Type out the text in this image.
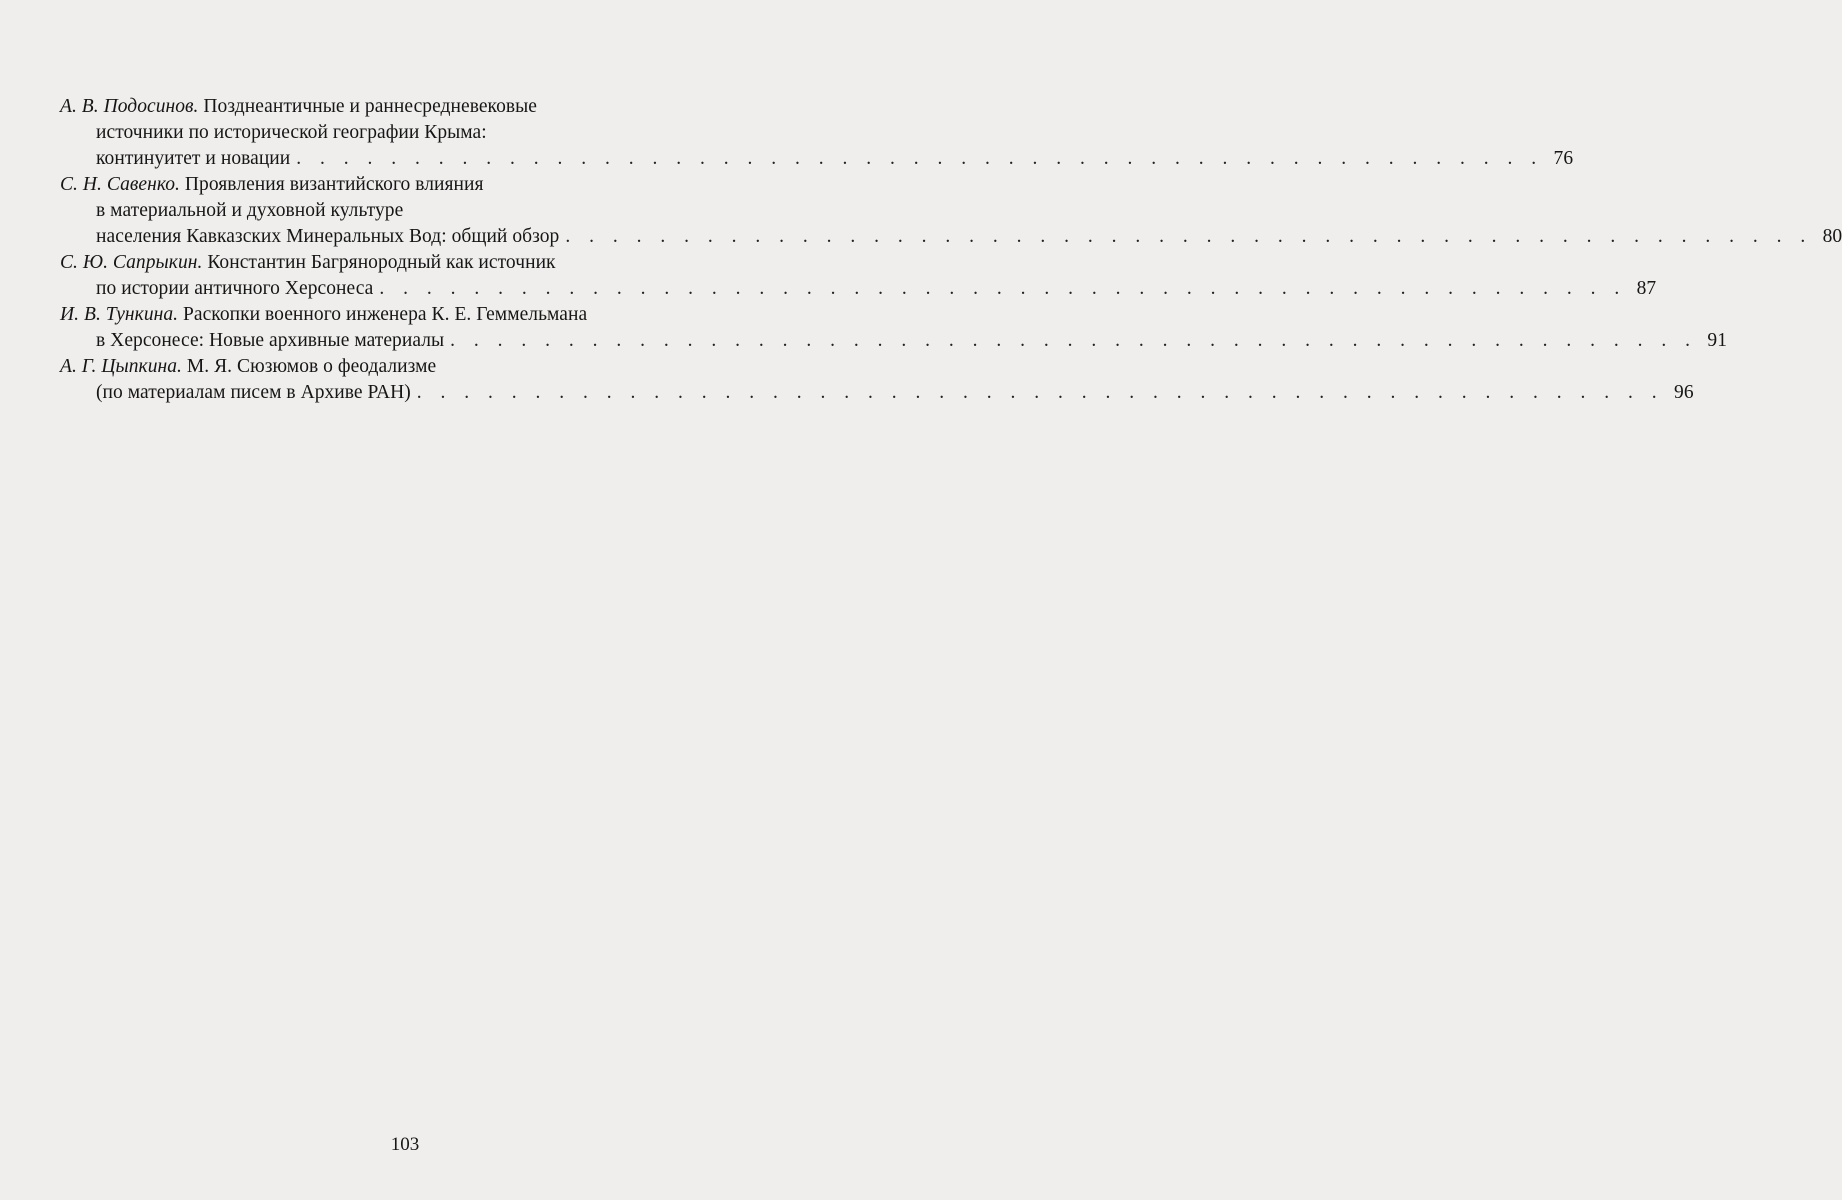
А. В. Подосинов. Позднеантичные и раннесредневековые
источники по исторической географии Крыма:
континуитет и новации . . . . . . . . . . . . . . . . . . . . . . . . . . . . . . . . . . . . . . . . . . . . . . . . . . . . . 76
С. Н. Савенко. Проявления византийского влияния
в материальной и духовной культуре
населения Кавказских Минеральных Вод: общий обзор . . . . . . . . . . . . . . . . . . . . . . . . . . . . . . . . . . . . . . . . . . . . . . . . . . . . . 80
С. Ю. Сапрыкин. Константин Багрянородный как источник
по истории античного Херсонеса . . . . . . . . . . . . . . . . . . . . . . . . . . . . . . . . . . . . . . . . . . . . . . . . . . . . . 87
И. В. Тункина. Раскопки военного инженера К. Е. Геммельмана
в Херсонесе: Новые архивные материалы . . . . . . . . . . . . . . . . . . . . . . . . . . . . . . . . . . . . . . . . . . . . . . . . . . . . . 91
А. Г. Цыпкина. М. Я. Сюзюмов о феодализме
(по материалам писем в Архиве РАН) . . . . . . . . . . . . . . . . . . . . . . . . . . . . . . . . . . . . . . . . . . . . . . . . . . . . . 96
103
